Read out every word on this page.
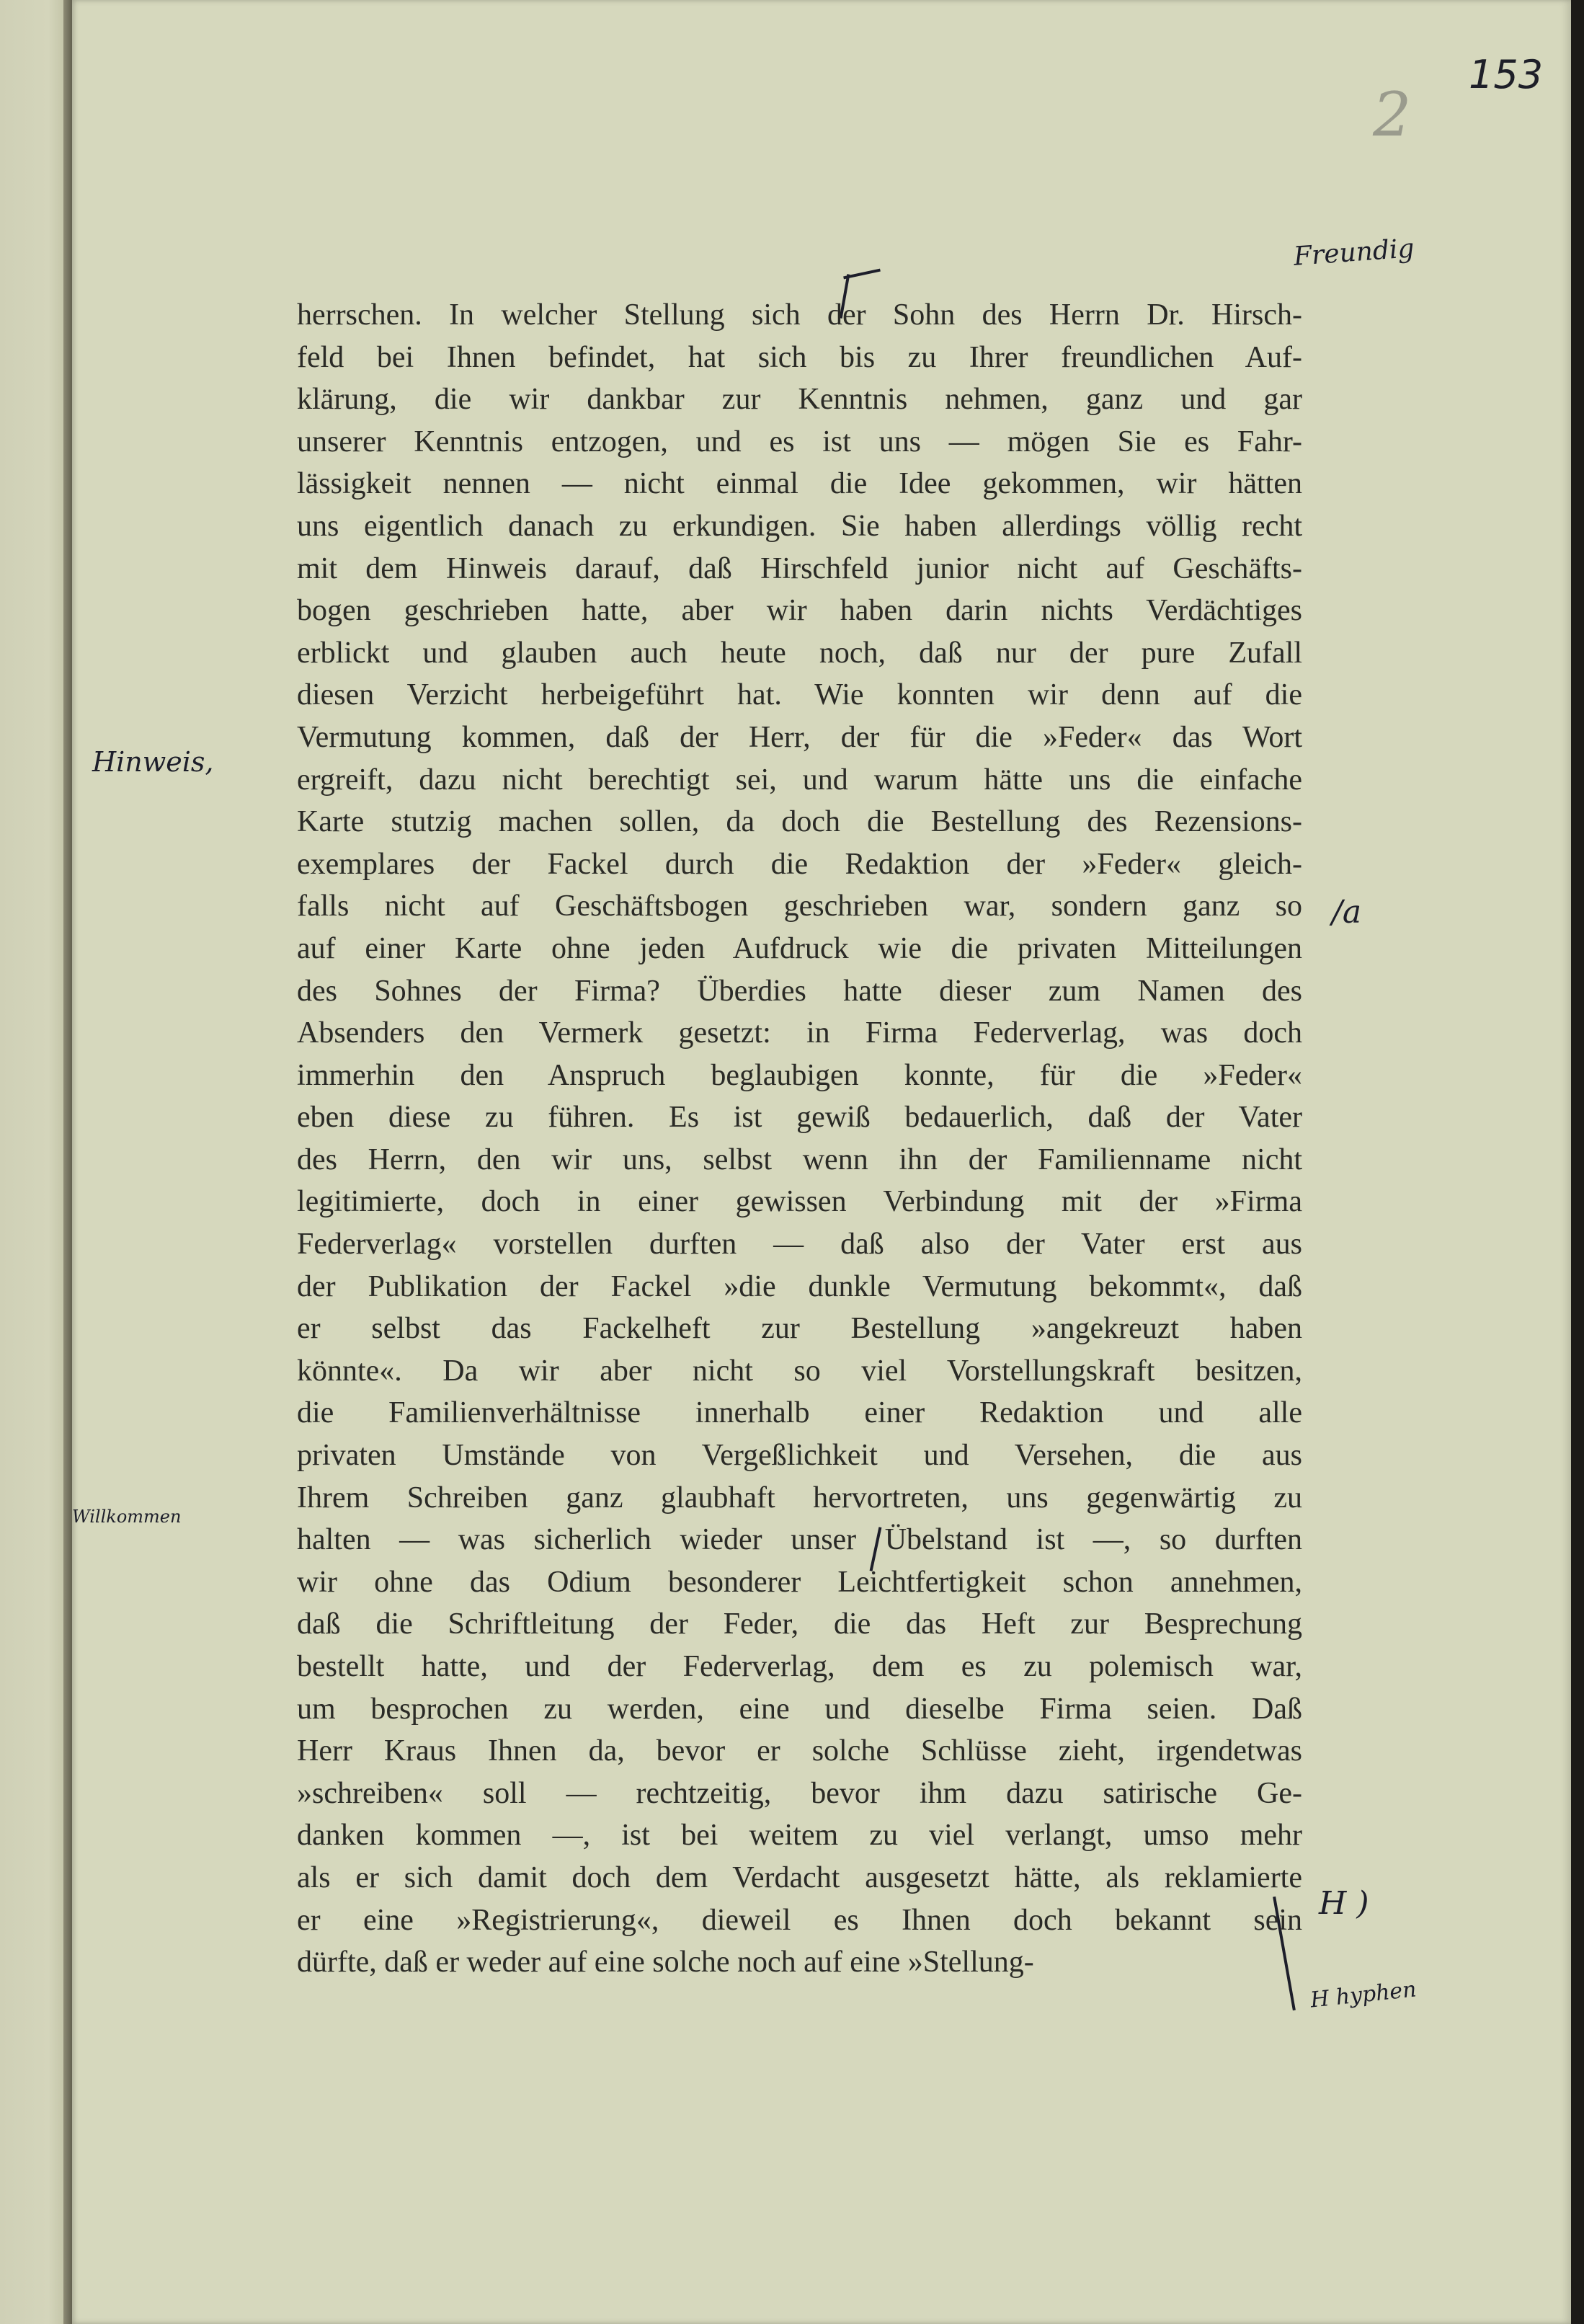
153
2
Freundig
Hinweis,
Willkommen
/a
H )
H hyphen
herrschen. In welcher Stellung sich der Sohn des Herrn Dr. Hirsch-
feld bei Ihnen befindet, hat sich bis zu Ihrer freundlichen Auf-
klärung, die wir dankbar zur Kenntnis nehmen, ganz und gar
unserer Kenntnis entzogen, und es ist uns — mögen Sie es Fahr-
lässigkeit nennen — nicht einmal die Idee gekommen, wir hätten
uns eigentlich danach zu erkundigen. Sie haben allerdings völlig recht
mit dem Hinweis darauf, daß Hirschfeld junior nicht auf Geschäfts-
bogen geschrieben hatte, aber wir haben darin nichts Verdächtiges
erblickt und glauben auch heute noch, daß nur der pure Zufall
diesen Verzicht herbeigeführt hat. Wie konnten wir denn auf die
Vermutung kommen, daß der Herr, der für die »Feder« das Wort
ergreift, dazu nicht berechtigt sei, und warum hätte uns die einfache
Karte stutzig machen sollen, da doch die Bestellung des Rezensions-
exemplares der Fackel durch die Redaktion der »Feder« gleich-
falls nicht auf Geschäftsbogen geschrieben war, sondern ganz so
auf einer Karte ohne jeden Aufdruck wie die privaten Mitteilungen
des Sohnes der Firma? Überdies hatte dieser zum Namen des
Absenders den Vermerk gesetzt: in Firma Federverlag, was doch
immerhin den Anspruch beglaubigen konnte, für die »Feder«
eben diese zu führen. Es ist gewiß bedauerlich, daß der Vater
des Herrn, den wir uns, selbst wenn ihn der Familienname nicht
legitimierte, doch in einer gewissen Verbindung mit der »Firma
Federverlag« vorstellen durften — daß also der Vater erst aus
der Publikation der Fackel »die dunkle Vermutung bekommt«, daß
er selbst das Fackelheft zur Bestellung »angekreuzt haben
könnte«. Da wir aber nicht so viel Vorstellungskraft besitzen,
die Familienverhältnisse innerhalb einer Redaktion und alle
privaten Umstände von Vergeßlichkeit und Versehen, die aus
Ihrem Schreiben ganz glaubhaft hervortreten, uns gegenwärtig zu
halten — was sicherlich wieder unser Übelstand ist —, so durften
wir ohne das Odium besonderer Leichtfertigkeit schon annehmen,
daß die Schriftleitung der Feder, die das Heft zur Besprechung
bestellt hatte, und der Federverlag, dem es zu polemisch war,
um besprochen zu werden, eine und dieselbe Firma seien. Daß
Herr Kraus Ihnen da, bevor er solche Schlüsse zieht, irgendetwas
»schreiben« soll — rechtzeitig, bevor ihm dazu satirische Ge-
danken kommen —, ist bei weitem zu viel verlangt, umso mehr
als er sich damit doch dem Verdacht ausgesetzt hätte, als reklamierte
er eine »Registrierung«, dieweil es Ihnen doch bekannt sein
dürfte, daß er weder auf eine solche noch auf eine »Stellung-
